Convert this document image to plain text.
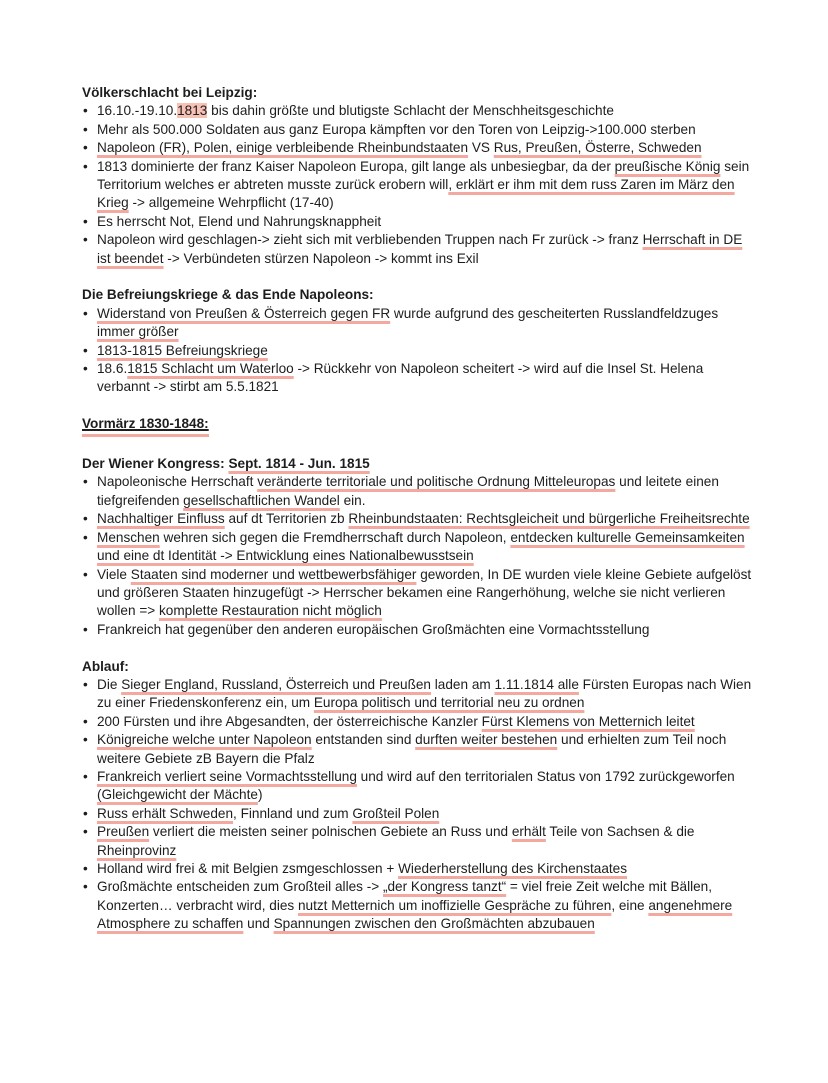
Völkerschlacht bei Leipzig:
• 16.10.-19.10.1813 bis dahin größte und blutigste Schlacht der Menschheitsgeschichte
• Mehr als 500.000 Soldaten aus ganz Europa kämpften vor den Toren von Leipzig->100.000 sterben
• Napoleon (FR), Polen, einige verbleibende Rheinbundstaaten VS Rus, Preußen, Österre, Schweden
• 1813 dominierte der franz Kaiser Napoleon Europa, gilt lange als unbesiegbar, da der preußische König sein Territorium welches er abtreten musste zurück erobern will, erklärt er ihm mit dem russ Zaren im März den Krieg -> allgemeine Wehrpflicht (17-40)
• Es herrscht Not, Elend und Nahrungsknappheit
• Napoleon wird geschlagen-> zieht sich mit verbliebenden Truppen nach Fr zurück -> franz Herrschaft in DE ist beendet -> Verbündeten stürzen Napoleon -> kommt ins Exil
Die Befreiungskriege & das Ende Napoleons:
• Widerstand von Preußen & Österreich gegen FR wurde aufgrund des gescheiterten Russlandfeldzuges immer größer
• 1813-1815 Befreiungskriege
• 18.6.1815 Schlacht um Waterloo -> Rückkehr von Napoleon scheitert -> wird auf die Insel St. Helena verbannt -> stirbt am 5.5.1821
Vormärz 1830-1848:
Der Wiener Kongress: Sept. 1814 - Jun. 1815
• Napoleonische Herrschaft veränderte territoriale und politische Ordnung Mitteleuropas und leitete einen tiefgreifenden gesellschaftlichen Wandel ein.
• Nachhaltiger Einfluss auf dt Territorien zb Rheinbundstaaten: Rechtsgleicheit und bürgerliche Freiheitsrechte
• Menschen wehren sich gegen die Fremdherrschaft durch Napoleon, entdecken kulturelle Gemeinsamkeiten und eine dt Identität -> Entwicklung eines Nationalbewusstsein
• Viele Staaten sind moderner und wettbewerbsfähiger geworden, In DE wurden viele kleine Gebiete aufgelöst und größeren Staaten hinzugefügt -> Herrscher bekamen eine Rangerhöhung, welche sie nicht verlieren wollen => komplette Restauration nicht möglich
• Frankreich hat gegenüber den anderen europäischen Großmächten eine Vormachtsstellung
Ablauf:
• Die Sieger England, Russland, Österreich und Preußen laden am 1.11.1814 alle Fürsten Europas nach Wien zu einer Friedenskonferenz ein, um Europa politisch und territorial neu zu ordnen
• 200 Fürsten und ihre Abgesandten, der österreichische Kanzler Fürst Klemens von Metternich leitet
• Königreiche welche unter Napoleon entstanden sind durften weiter bestehen und erhielten zum Teil noch weitere Gebiete zB Bayern die Pfalz
• Frankreich verliert seine Vormachtsstellung und wird auf den territorialen Status von 1792 zurückgeworfen (Gleichgewicht der Mächte)
• Russ erhält Schweden, Finnland und zum Großteil Polen
• Preußen verliert die meisten seiner polnischen Gebiete an Russ und erhält Teile von Sachsen & die Rheinprovinz
• Holland wird frei & mit Belgien zsmgeschlossen + Wiederherstellung des Kirchenstaates
• Großmächte entscheiden zum Großteil alles -> „der Kongress tanzt“ = viel freie Zeit welche mit Bällen, Konzerten… verbracht wird, dies nutzt Metternich um inoffizielle Gespräche zu führen, eine angenehmere Atmosphere zu schaffen und Spannungen zwischen den Großmächten abzubauen
